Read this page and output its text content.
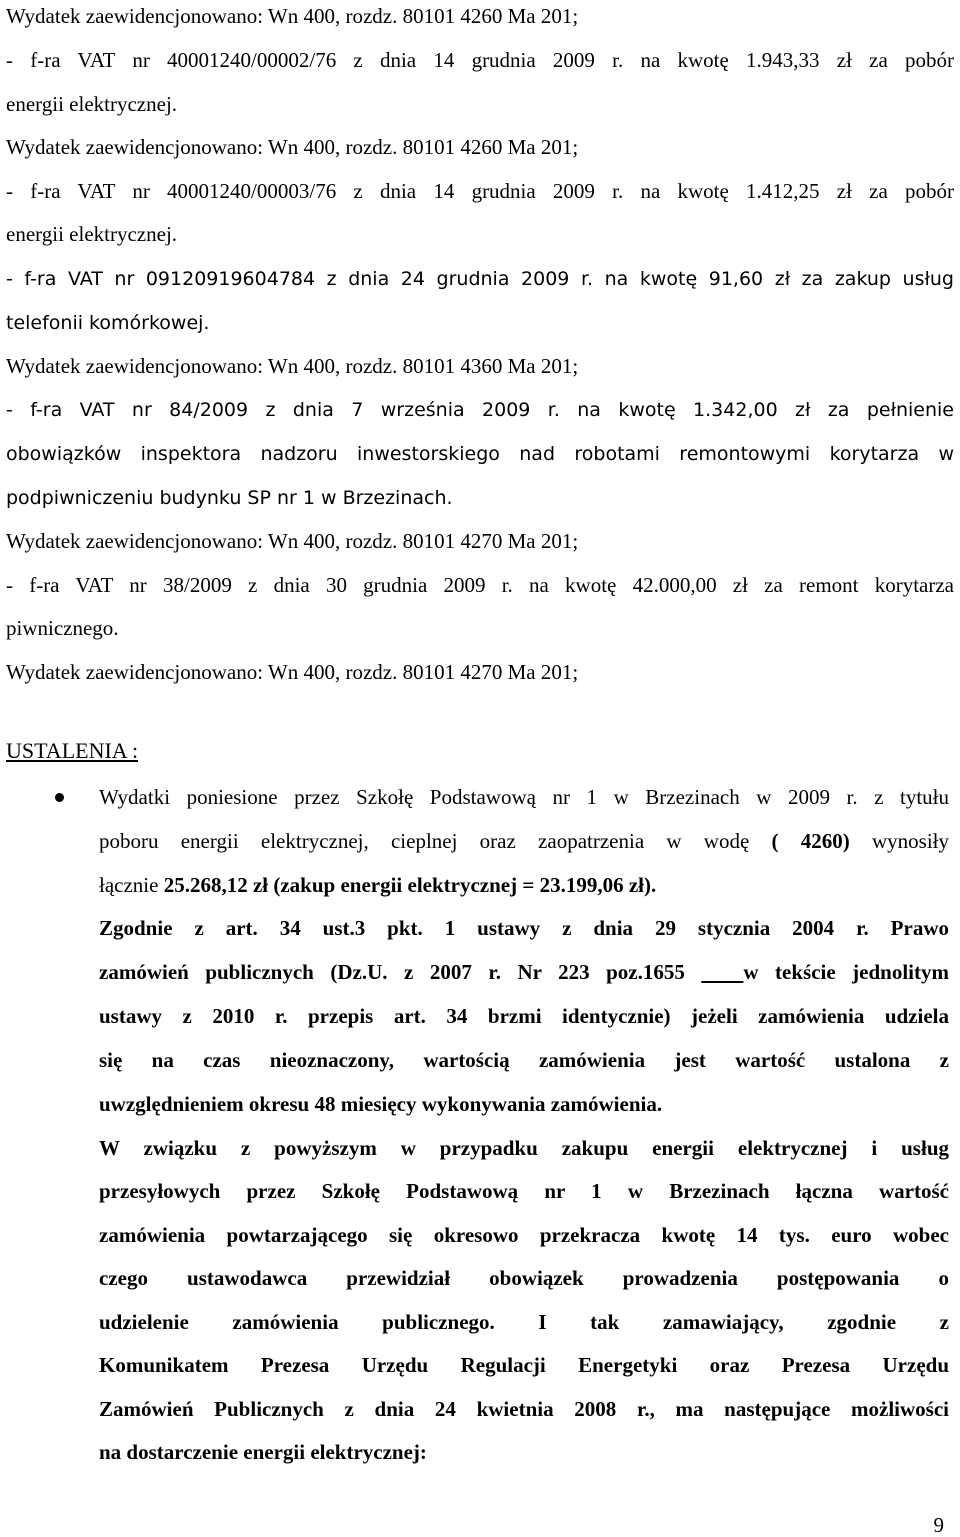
Wydatek zaewidencjonowano: Wn 400, rozdz. 80101 4260 Ma 201;
- f-ra VAT nr 40001240/00002/76 z dnia 14 grudnia 2009 r. na kwotę 1.943,33 zł za pobór
energii elektrycznej.
Wydatek zaewidencjonowano: Wn 400, rozdz. 80101 4260 Ma 201;
- f-ra VAT nr 40001240/00003/76 z dnia 14 grudnia 2009 r. na kwotę 1.412,25 zł za pobór
energii elektrycznej.
- f-ra VAT nr 09120919604784 z dnia 24 grudnia 2009 r. na kwotę 91,60 zł za zakup usług
telefonii komórkowej.
Wydatek zaewidencjonowano: Wn 400, rozdz. 80101 4360 Ma 201;
- f-ra VAT nr 84/2009 z dnia 7 września 2009 r. na kwotę 1.342,00 zł za pełnienie
obowiązków inspektora nadzoru inwestorskiego nad robotami remontowymi korytarza w
podpiwniczeniu budynku SP nr 1 w Brzezinach.
Wydatek zaewidencjonowano: Wn 400, rozdz. 80101 4270 Ma 201;
- f-ra VAT nr 38/2009 z dnia 30 grudnia 2009 r. na kwotę 42.000,00 zł za remont korytarza
piwnicznego.
Wydatek zaewidencjonowano: Wn 400, rozdz. 80101 4270 Ma 201;
USTALENIA :
Wydatki poniesione przez Szkołę Podstawową nr 1 w Brzezinach w 2009 r. z tytułu
poboru energii elektrycznej, cieplnej oraz zaopatrzenia w wodę ( 4260) wynosiły
łącznie 25.268,12 zł (zakup energii elektrycznej = 23.199,06 zł).
Zgodnie z art. 34 ust.3 pkt. 1 ustawy z dnia 29 stycznia 2004 r. Prawo
zamówień publicznych (Dz.U. z 2007 r. Nr 223 poz.1655   w tekście jednolitym
ustawy z 2010 r. przepis art. 34 brzmi identycznie) jeżeli zamówienia udziela
się na czas nieoznaczony, wartością zamówienia jest wartość ustalona z
uwzględnieniem okresu 48 miesięcy wykonywania zamówienia.
W związku z powyższym w przypadku zakupu energii elektrycznej i usług
przesyłowych przez Szkołę Podstawową nr 1 w Brzezinach łączna wartość
zamówienia powtarzającego się okresowo przekracza kwotę 14 tys. euro wobec
czego ustawodawca przewidział obowiązek prowadzenia postępowania o
udzielenie zamówienia publicznego. I tak zamawiający, zgodnie z
Komunikatem Prezesa Urzędu Regulacji Energetyki oraz Prezesa Urzędu
Zamówień Publicznych z dnia 24 kwietnia 2008 r., ma następujące możliwości
na dostarczenie energii elektrycznej:
9
